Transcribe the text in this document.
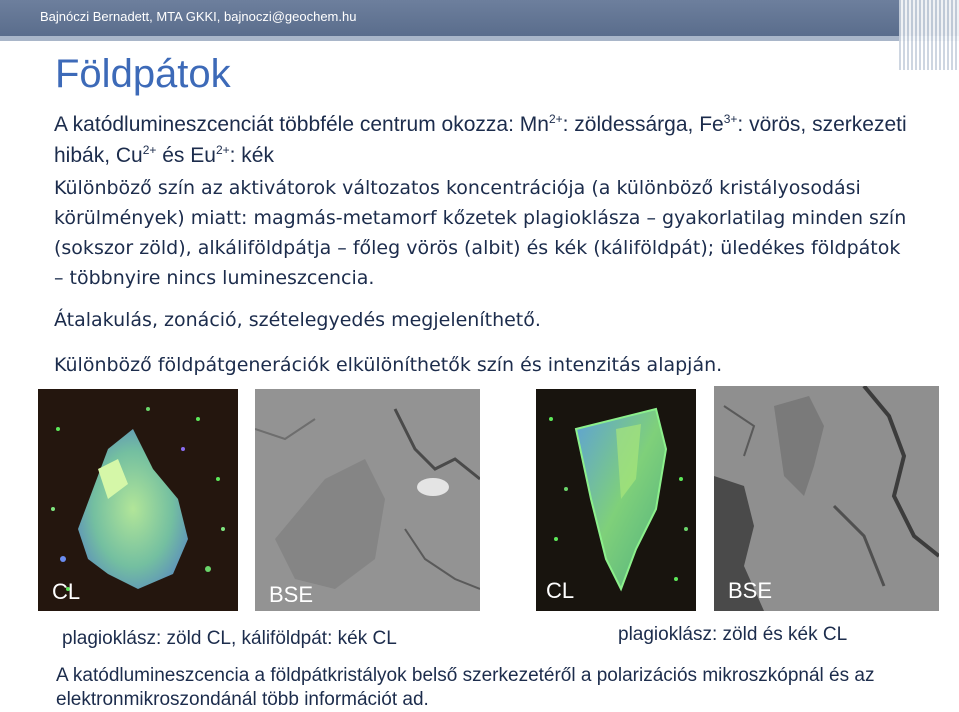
Bajnóczi Bernadett, MTA GKKI, bajnoczi@geochem.hu
Földpátok
A katódlumineszcenciát többféle centrum okozza: $Mn^{2+}$: zöldessárga, $Fe^{3+}$: vörös, szerkezeti hibák, $Cu^{2+}$ és $Eu^{2+}$: kék
Különböző szín az aktivátorok változatos koncentrációja (a különböző kristályosodási körülmények) miatt: magmás-metamorf kőzetek plagioklásza – gyakorlatilag minden szín (sokszor zöld), alkáliföldpátja – főleg vörös (albit) és kék (káliföldpát); üledékes földpátok – többnyire nincs lumineszcencia.
Átalakulás, zonáció, szételegyedés megjeleníthető.
Különböző földpátgenerációk elkülöníthetők szín és intenzitás alapján.
CL	BSE	CL	BSE
plagioklász: zöld CL, káliföldpát: kék CL	plagioklász: zöld és kék CL
A katódlumineszcencia a földpátkristályok belső szerkezetéről a polarizációs mikroszkópnál és az elektronmikroszondánál több információt ad.
